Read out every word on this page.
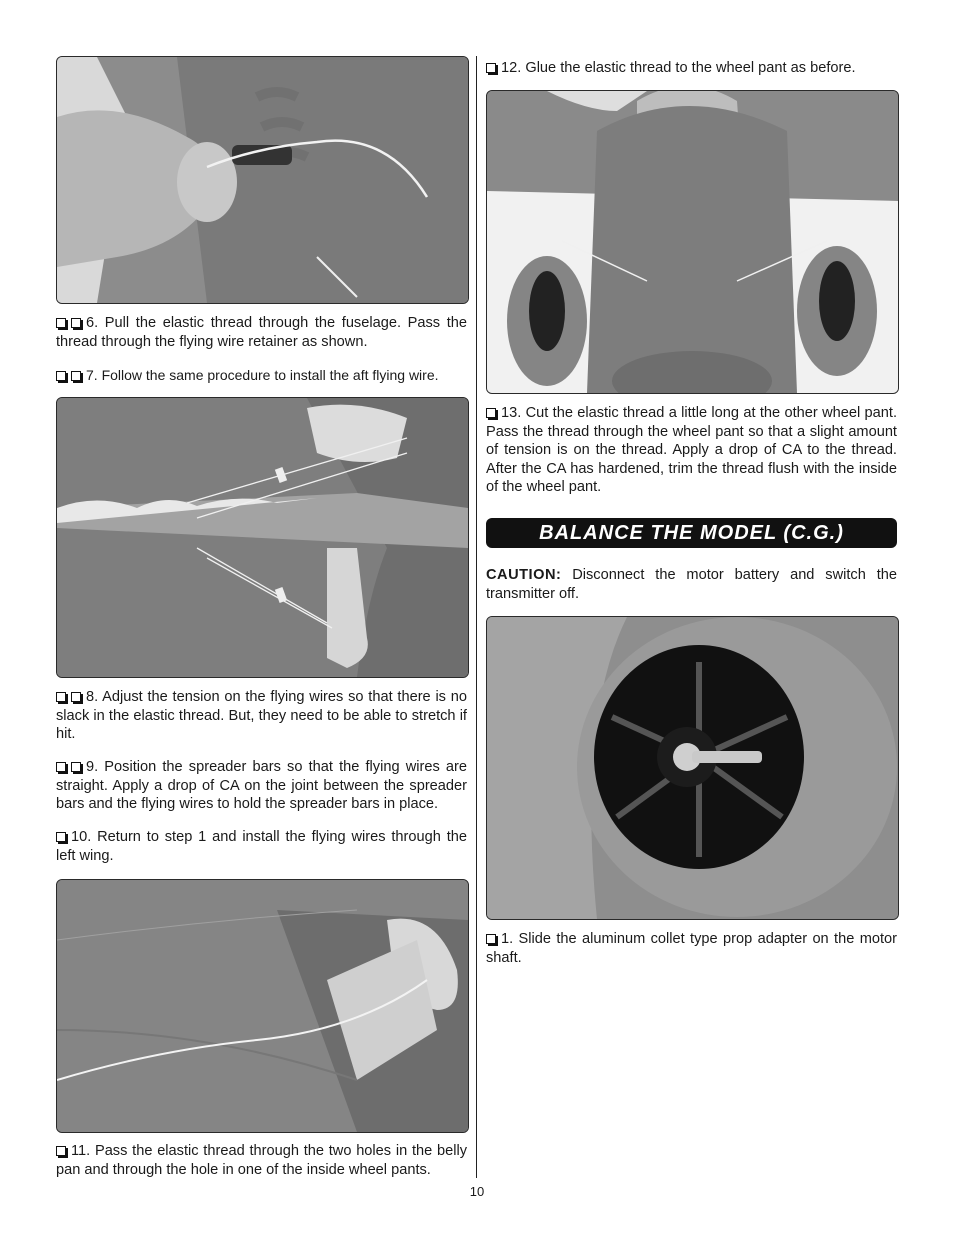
6. Pull the elastic thread through the fuselage. Pass the thread through the flying wire retainer as shown.

7. Follow the same procedure to install the aft flying wire.

8. Adjust the tension on the flying wires so that there is no slack in the elastic thread. But, they need to be able to stretch if hit.

9. Position the spreader bars so that the flying wires are straight. Apply a drop of CA on the joint between the spreader bars and the flying wires to hold the spreader bars in place.

10. Return to step 1 and install the flying wires through the left wing.

11. Pass the elastic thread through the two holes in the belly pan and through the hole in one of the inside wheel pants.

12. Glue the elastic thread to the wheel pant as before.

13. Cut the elastic thread a little long at the other wheel pant. Pass the thread through the wheel pant so that a slight amount of tension is on the thread. Apply a drop of CA to the thread. After the CA has hardened, trim the thread flush with the inside of the wheel pant.

BALANCE THE MODEL (C.G.)

CAUTION: Disconnect the motor battery and switch the transmitter off.

1. Slide the aluminum collet type prop adapter on the motor shaft.

10
